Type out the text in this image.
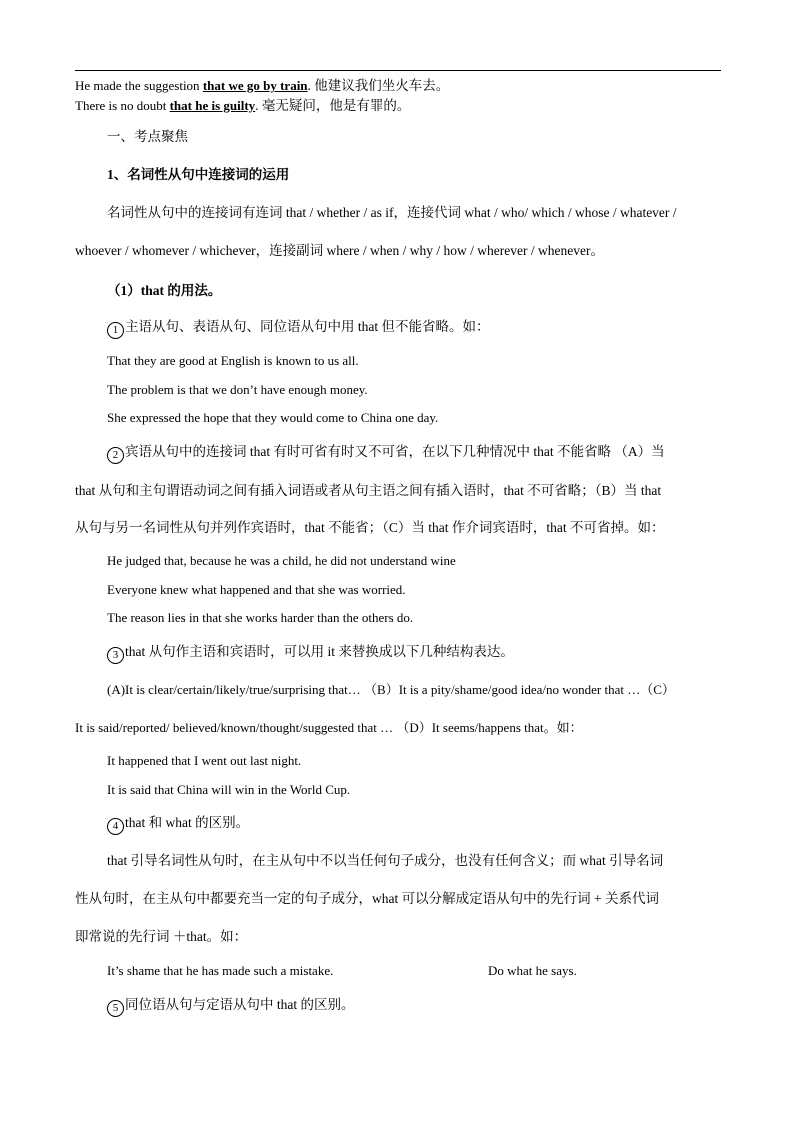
He made the suggestion that we go by train. 他建议我们坐火车去。
There is no doubt that he is guilty. 毫无疑问，他是有罪的。
一、考点聚焦
1、名词性从句中连接词的运用
名词性从句中的连接词有连词 that / whether / as if，连接代词 what / who/ which / whose / whatever /
whoever / whomever / whichever，连接副词 where / when / why / how / wherever / whenever。
（1）that 的用法。
1 主语从句、表语从句、同位语从句中用 that 但不能省略。如：
That they are good at English is known to us all.
The problem is that we don’t have enough money.
She expressed the hope that they would come to China one day.
2 宾语从句中的连接词 that 有时可省有时又不可省，在以下几种情况中 that 不能省略 （A）当
that 从句和主句谓语动词之间有插入词语或者从句主语之间有插入语时，that 不可省略；（B）当 that
从句与另一名词性从句并列作宾语时，that 不能省；（C）当 that 作介词宾语时，that 不可省掉。如：
He judged that, because he was a child, he did not understand wine
Everyone knew what happened and that she was worried.
The reason lies in that she works harder than the others do.
3 that 从句作主语和宾语时，可以用 it 来替换成以下几种结构表达。
(A)It is clear/certain/likely/true/surprising that… （B）It is a pity/shame/good idea/no wonder that …（C）
It is said/reported/ believed/known/thought/suggested that … （D）It seems/happens that。如：
It happened that I went out last night.
It is said that China will win in the World Cup.
4 that 和 what 的区别。
that 引导名词性从句时，在主从句中不以当任何句子成分，也没有任何含义；而 what 引导名词
性从句时，在主从句中都要充当一定的句子成分，what 可以分解成定语从句中的先行词 + 关系代词
即常说的先行词 ＋that。如：
It’s shame that he has made such a mistake.	Do what he says.
5 同位语从句与定语从句中 that 的区别。
